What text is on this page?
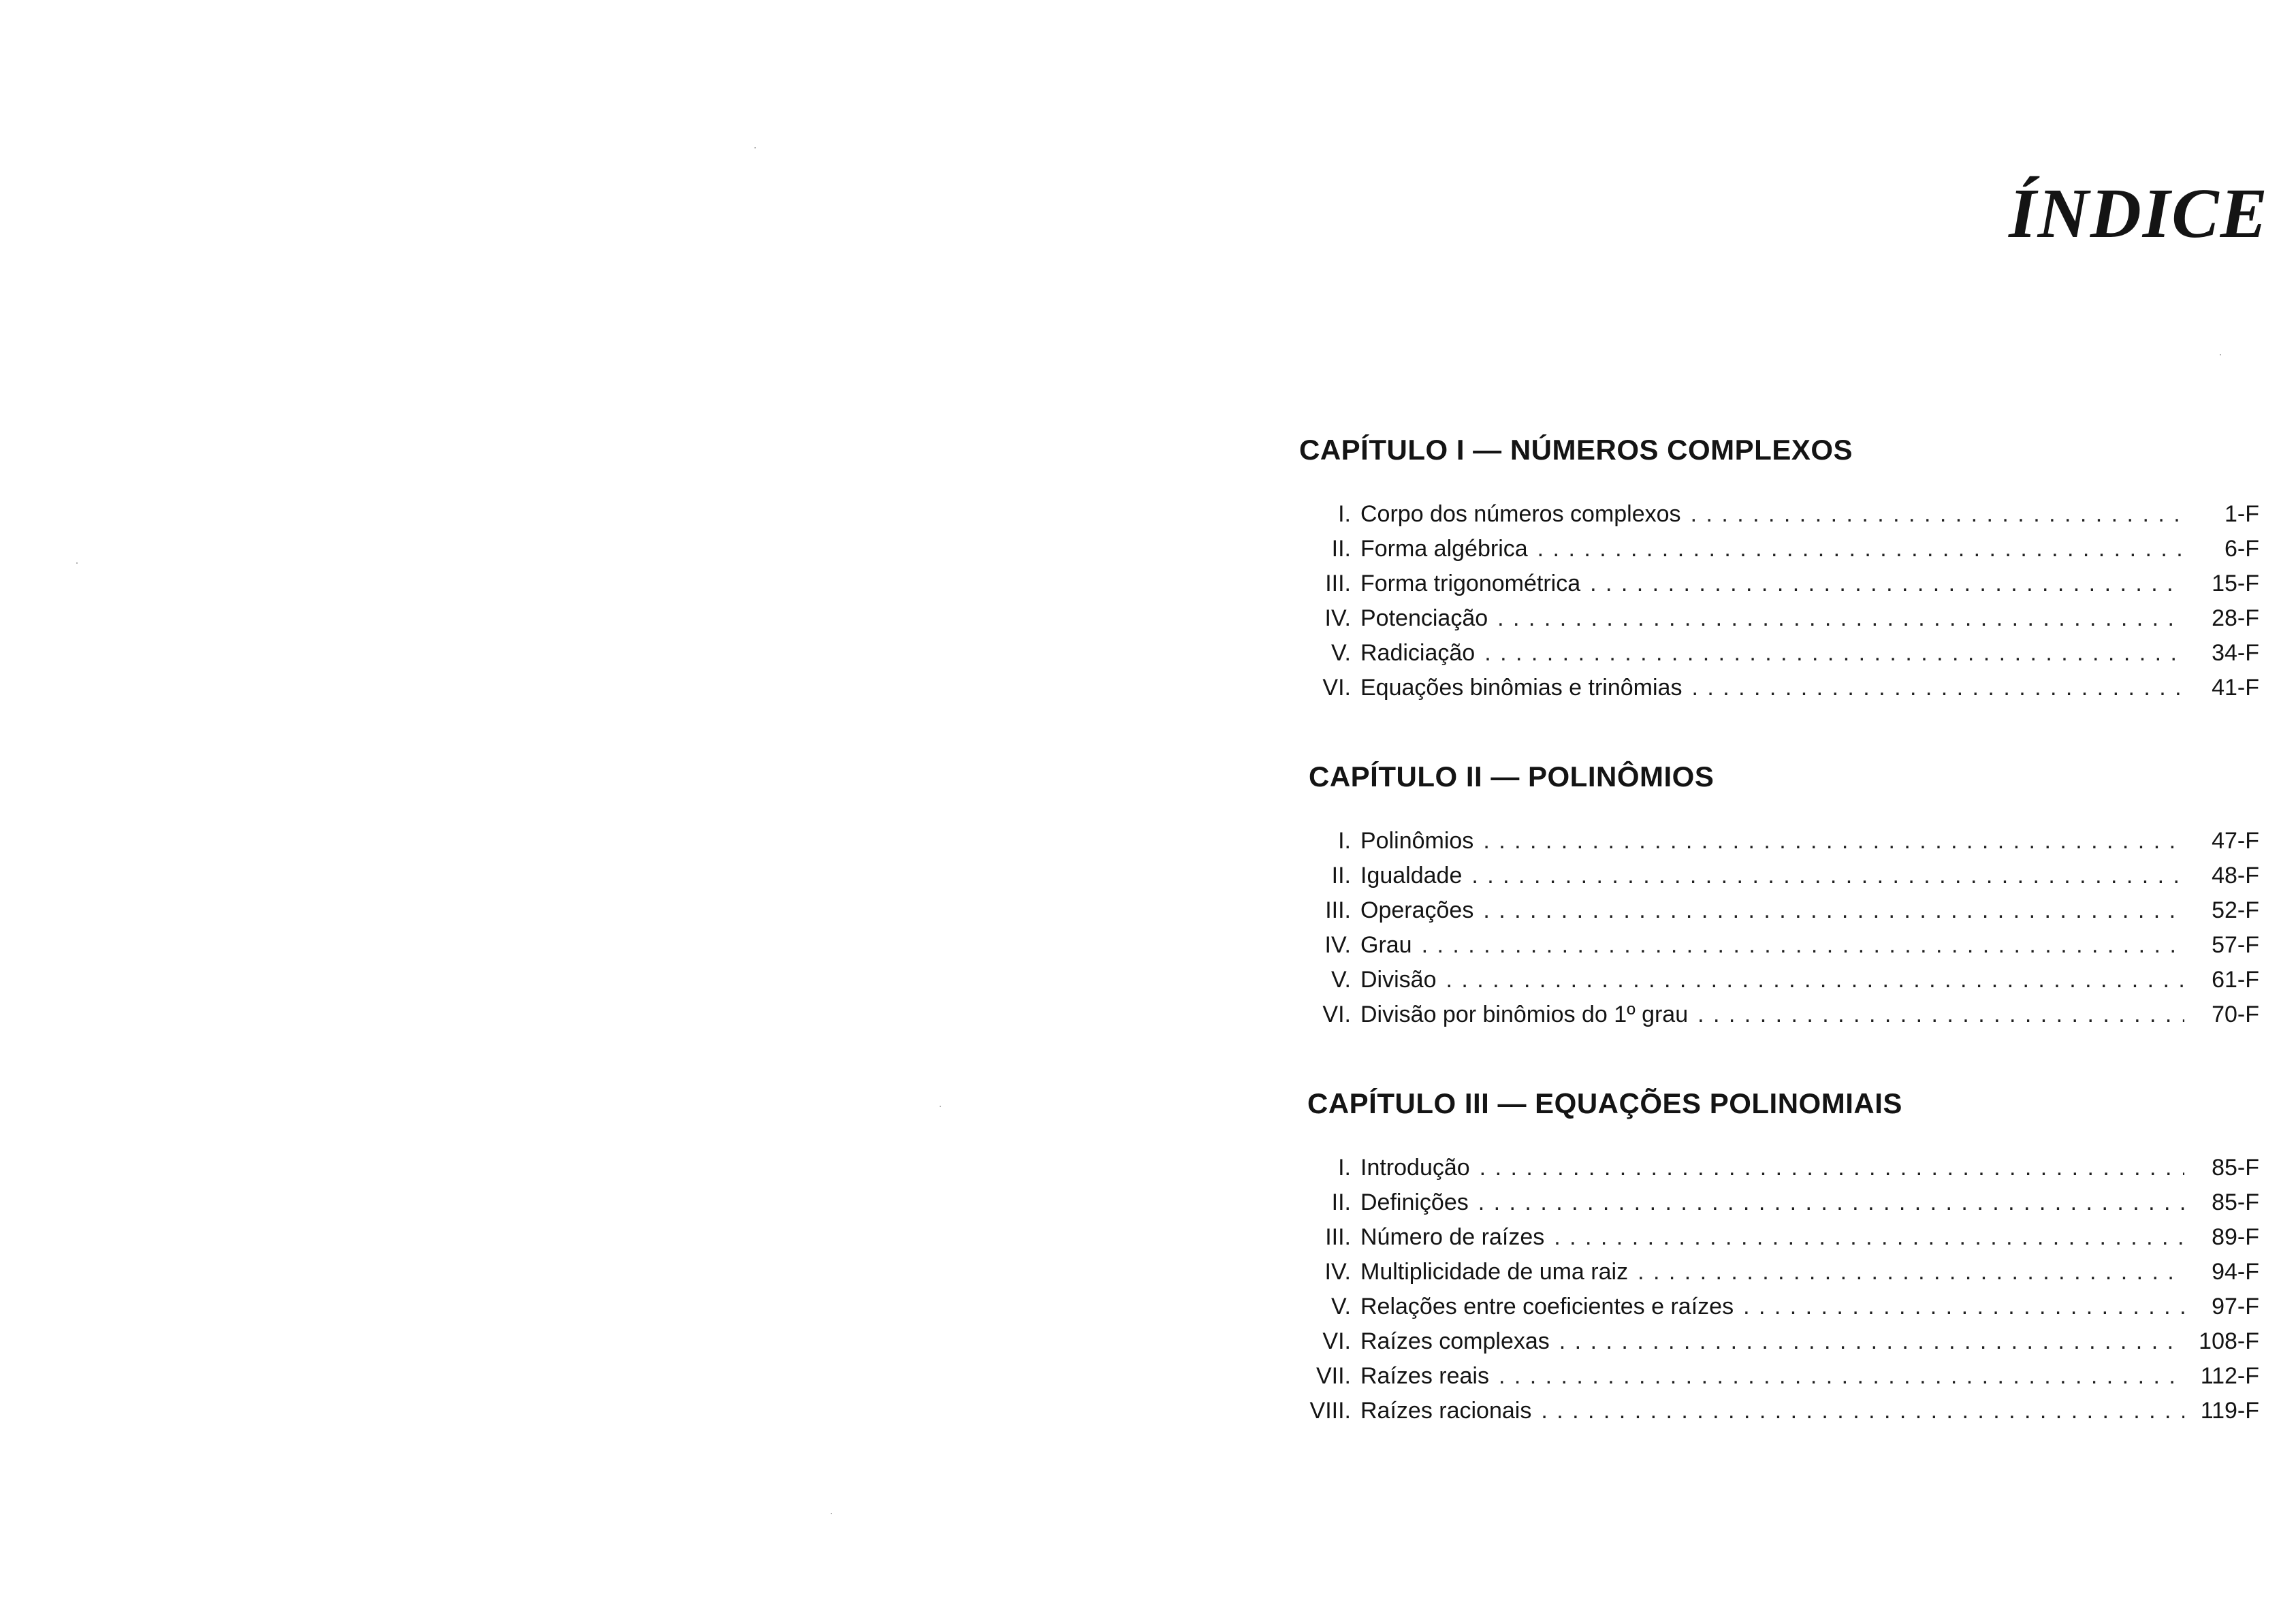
ÍNDICE
CAPÍTULO I — NÚMEROS COMPLEXOS
I. Corpo dos números complexos . . .	1-F
II. Forma algébrica . . .	6-F
III. Forma trigonométrica . . .	15-F
IV. Potenciação . . .	28-F
V. Radiciação . . .	34-F
VI. Equações binômias e trinômias . . .	41-F
CAPÍTULO II — POLINÔMIOS
I. Polinômios . . .	47-F
II. Igualdade . . .	48-F
III. Operações . . .	52-F
IV. Grau . . .	57-F
V. Divisão . . .	61-F
VI. Divisão por binômios do 1º grau . . .	70-F
CAPÍTULO III — EQUAÇÕES POLINOMIAIS
I. Introdução . . .	85-F
II. Definições . . .	85-F
III. Número de raízes . . .	89-F
IV. Multiplicidade de uma raiz . . .	94-F
V. Relações entre coeficientes e raízes . . .	97-F
VI. Raízes complexas . . .	108-F
VII. Raízes reais . . .	112-F
VIII. Raízes racionais . . .	119-F
